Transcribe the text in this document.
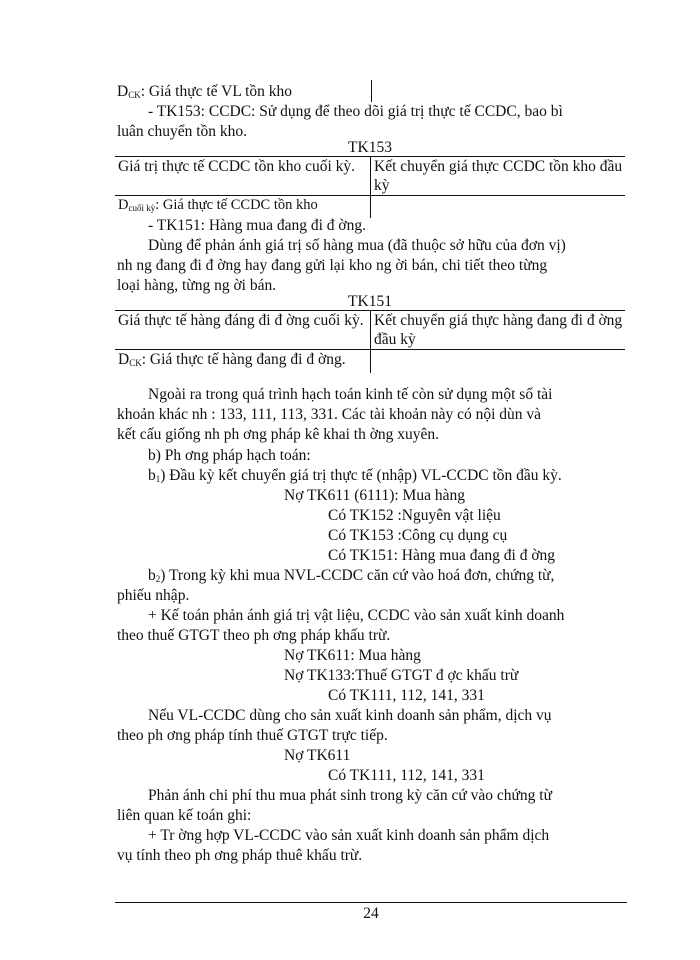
$D_{CK}$: Giá thực tế VL tồn kho
- TK153: CCDC: Sử dụng để theo dõi giá trị thực tế CCDC, bao bì
luân chuyển tồn kho.
TK153
Giá trị thực tế CCDC tồn kho cuối kỳ.	Kết chuyển giá thực CCDC tồn kho đầu kỳ
$D_{cuối kỳ}$: Giá thực tế CCDC tồn kho	
- TK151: Hàng mua đang đi đ ờng.
Dùng để phản ánh giá trị số hàng mua (đã thuộc sở hữu của đơn vị)
nh ng đang đi đ ờng hay đang gửi lại kho ng ời bán, chi tiết theo từng
loại hàng, từng ng ời bán.
TK151
Giá thực tế hàng đáng đi đ ờng cuối kỳ.	Kết chuyển giá thực hàng đang đi đ ờng đầu kỳ
$D_{CK}$: Giá thực tế hàng đang đi đ ờng.	
Ngoài ra trong quá trình hạch toán kinh tế còn sử dụng một số tài
khoản khác nh : 133, 111, 113, 331. Các tài khoản này có nội dùn và
kết cấu giống nh ph ơng pháp kê khai th ờng xuyên.
b) Ph ơng pháp hạch toán:
$b_1$) Đầu kỳ kết chuyển giá trị thực tế (nhập) VL-CCDC tồn đầu kỳ.
Nợ TK611 (6111): Mua hàng
Có TK152 :Nguyên vật liệu
Có TK153 :Công cụ dụng cụ
Có TK151: Hàng mua đang đi đ ờng
$b_2$) Trong kỳ khi mua NVL-CCDC căn cứ vào hoá đơn, chứng từ,
phiếu nhập.
+ Kế toán phản ánh giá trị vật liệu, CCDC vào sản xuất kinh doanh
theo thuế GTGT theo ph ơng pháp khấu trừ.
Nợ TK611: Mua hàng
Nợ TK133:Thuế GTGT đ ợc khấu trừ
Có TK111, 112, 141, 331
Nếu VL-CCDC dùng cho sản xuất kinh doanh sản phẩm, dịch vụ
theo ph ơng pháp tính thuế GTGT trực tiếp.
Nợ TK611
Có TK111, 112, 141, 331
Phản ánh chi phí thu mua phát sinh trong kỳ căn cứ vào chứng từ
liên quan kế toán ghi:
+ Tr ờng hợp VL-CCDC vào sản xuất kinh doanh sản phẩm dịch
vụ tính theo ph ơng pháp thuê khấu trừ.
24
